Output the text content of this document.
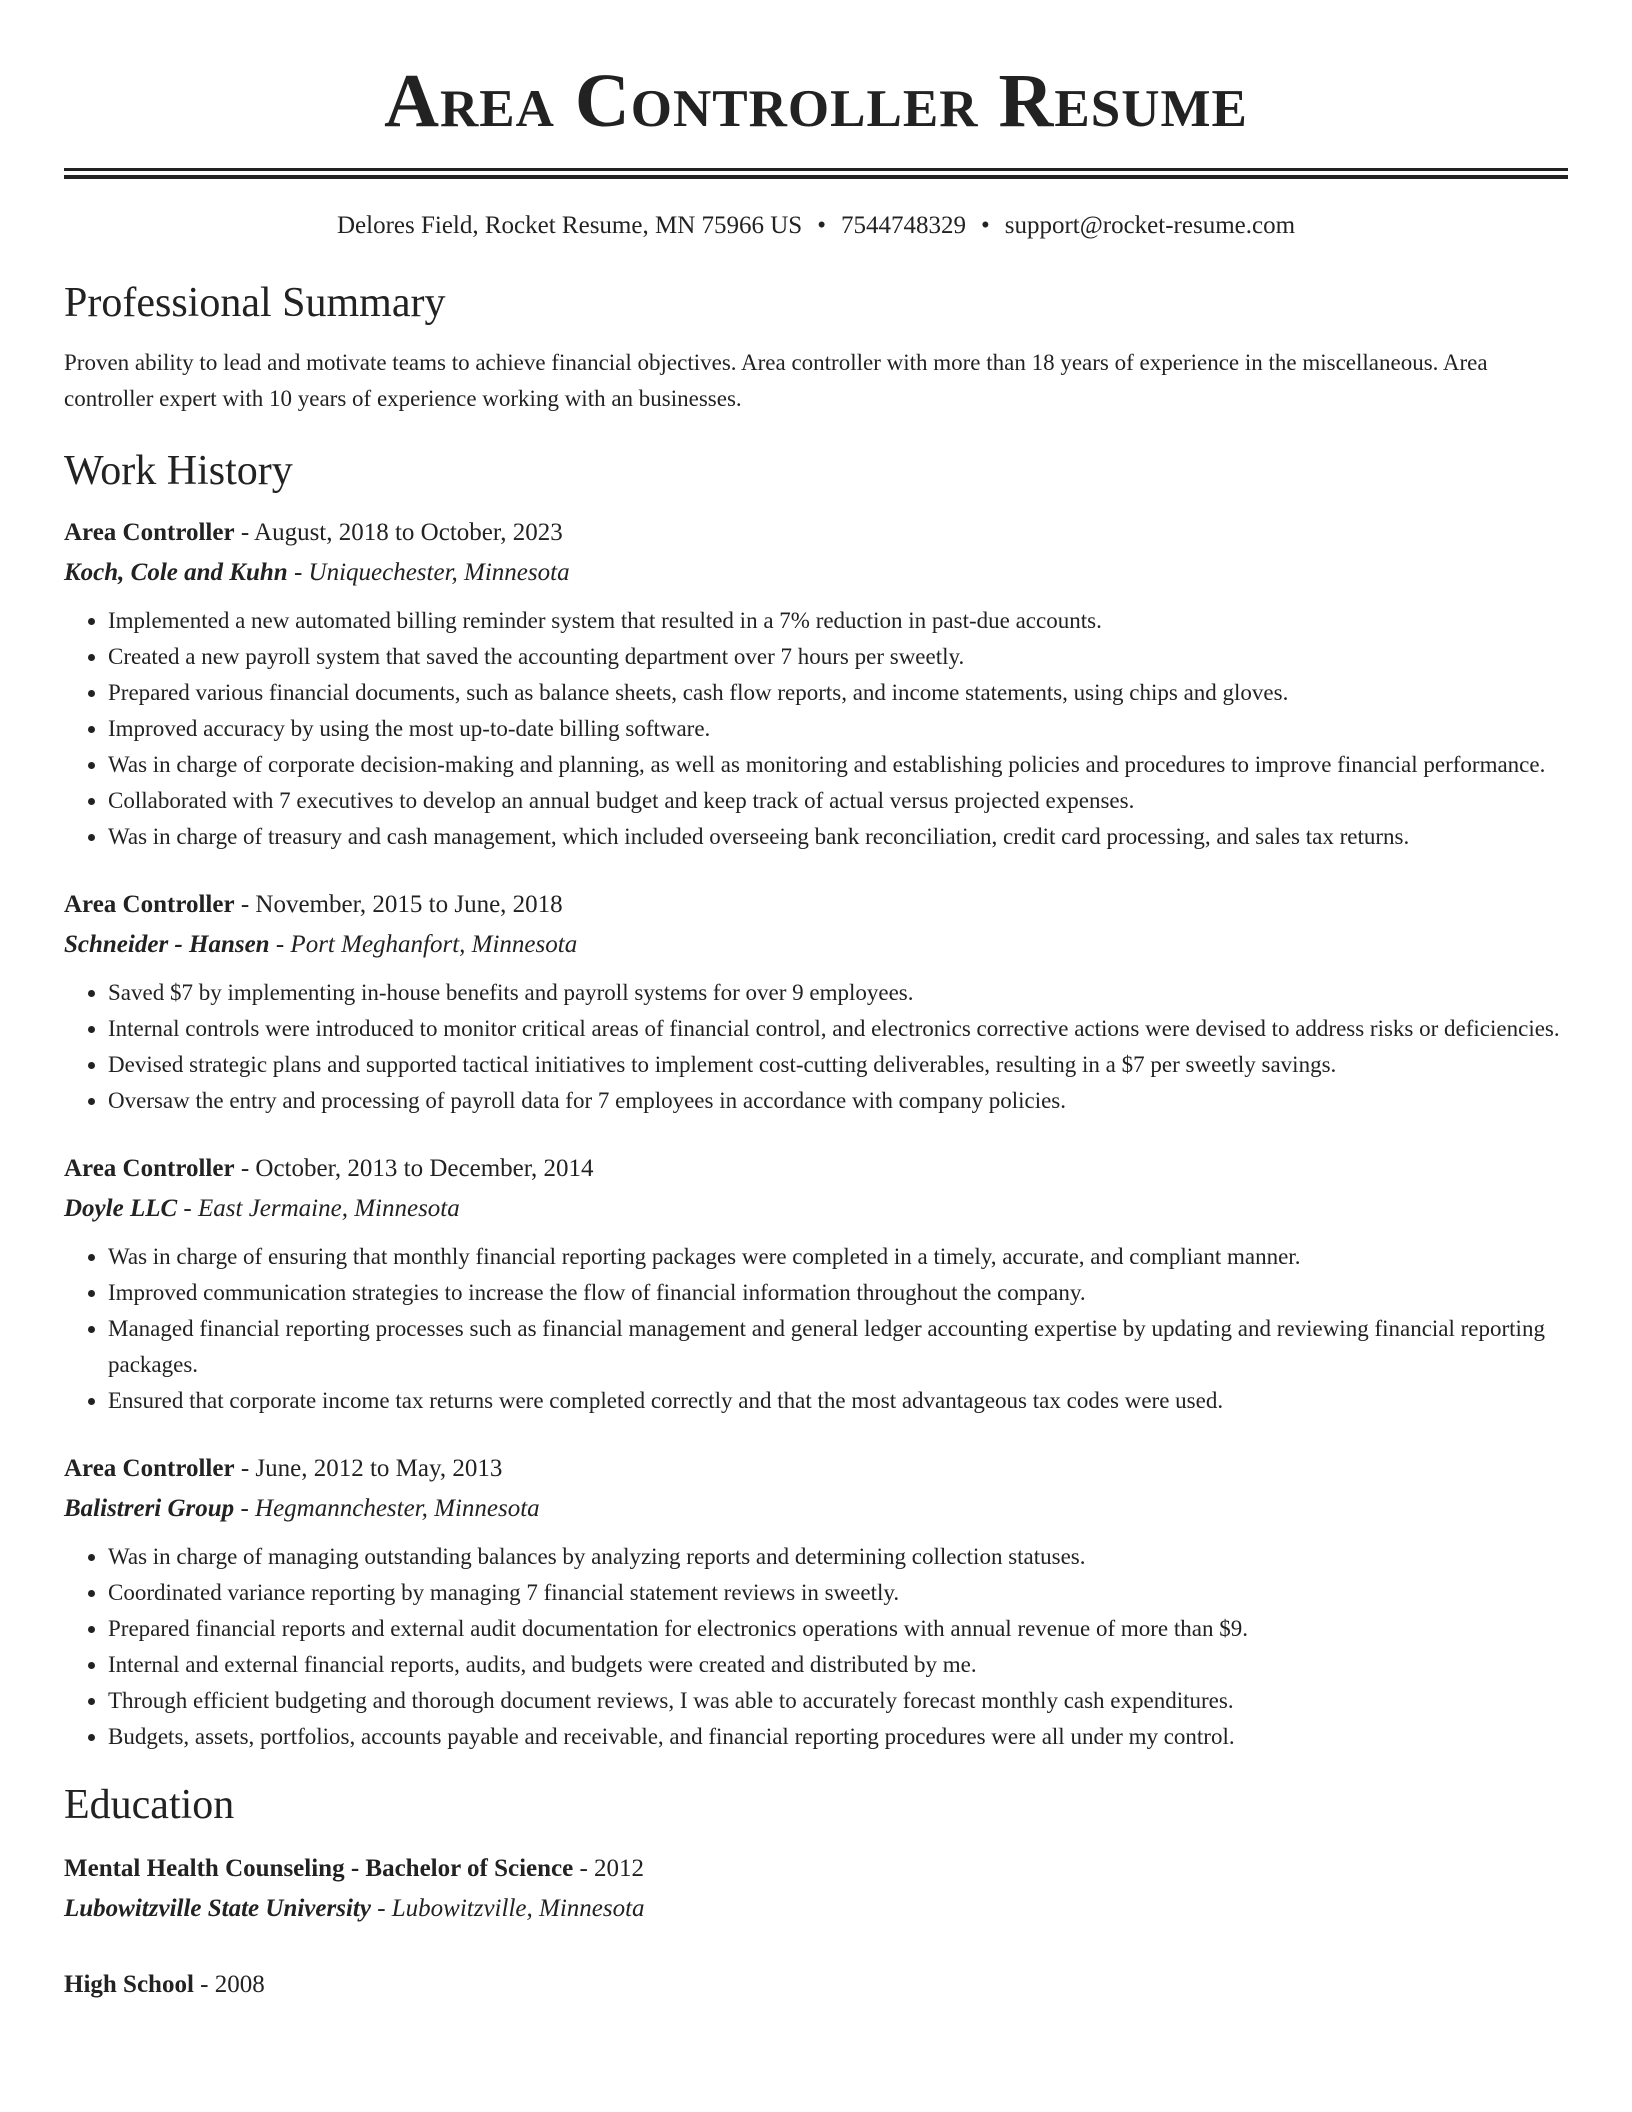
Area Controller Resume
Delores Field, Rocket Resume, MN 75966 US • 7544748329 • support@rocket-resume.com
Professional Summary

Proven ability to lead and motivate teams to achieve financial objectives. Area controller with more than 18 years of experience in the miscellaneous. Area controller expert with 10 years of experience working with an businesses.

Work History
Area Controller - August, 2018 to October, 2023
Koch, Cole and Kuhn - Uniquechester, Minnesota
• Implemented a new automated billing reminder system that resulted in a 7% reduction in past-due accounts.
• Created a new payroll system that saved the accounting department over 7 hours per sweetly.
• Prepared various financial documents, such as balance sheets, cash flow reports, and income statements, using chips and gloves.
• Improved accuracy by using the most up-to-date billing software.
• Was in charge of corporate decision-making and planning, as well as monitoring and establishing policies and procedures to improve financial performance.
• Collaborated with 7 executives to develop an annual budget and keep track of actual versus projected expenses.
• Was in charge of treasury and cash management, which included overseeing bank reconciliation, credit card processing, and sales tax returns.
Area Controller - November, 2015 to June, 2018
Schneider - Hansen - Port Meghanfort, Minnesota
• Saved $7 by implementing in-house benefits and payroll systems for over 9 employees.
• Internal controls were introduced to monitor critical areas of financial control, and electronics corrective actions were devised to address risks or deficiencies.
• Devised strategic plans and supported tactical initiatives to implement cost-cutting deliverables, resulting in a $7 per sweetly savings.
• Oversaw the entry and processing of payroll data for 7 employees in accordance with company policies.
Area Controller - October, 2013 to December, 2014
Doyle LLC - East Jermaine, Minnesota
• Was in charge of ensuring that monthly financial reporting packages were completed in a timely, accurate, and compliant manner.
• Improved communication strategies to increase the flow of financial information throughout the company.
• Managed financial reporting processes such as financial management and general ledger accounting expertise by updating and reviewing financial reporting packages.
• Ensured that corporate income tax returns were completed correctly and that the most advantageous tax codes were used.
Area Controller - June, 2012 to May, 2013
Balistreri Group - Hegmannchester, Minnesota
• Was in charge of managing outstanding balances by analyzing reports and determining collection statuses.
• Coordinated variance reporting by managing 7 financial statement reviews in sweetly.
• Prepared financial reports and external audit documentation for electronics operations with annual revenue of more than $9.
• Internal and external financial reports, audits, and budgets were created and distributed by me.
• Through efficient budgeting and thorough document reviews, I was able to accurately forecast monthly cash expenditures.
• Budgets, assets, portfolios, accounts payable and receivable, and financial reporting procedures were all under my control.
Education
Mental Health Counseling - Bachelor of Science - 2012
Lubowitzville State University - Lubowitzville, Minnesota
High School - 2008
